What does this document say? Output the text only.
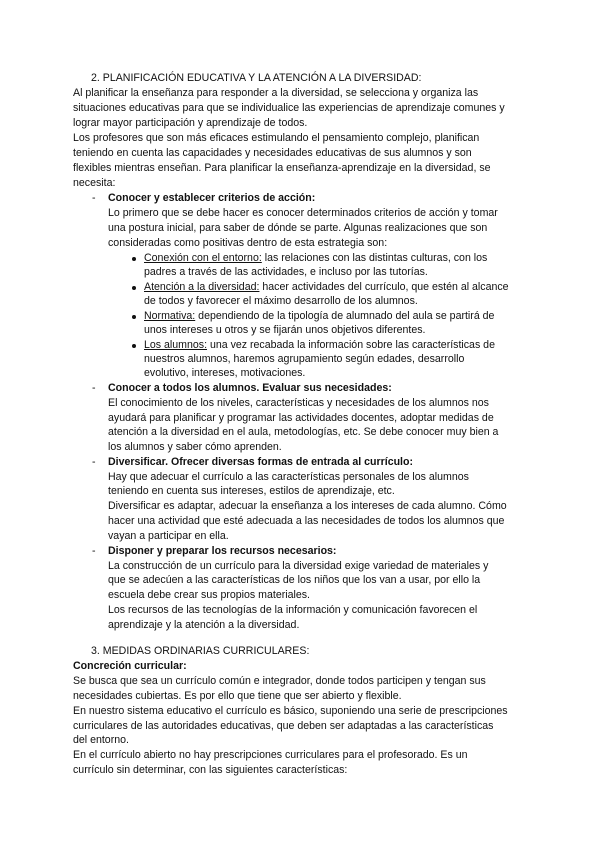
2. PLANIFICACIÓN EDUCATIVA Y LA ATENCIÓN A LA DIVERSIDAD:
Al planificar la enseñanza para responder a la diversidad, se selecciona y organiza las
situaciones educativas para que se individualice las experiencias de aprendizaje comunes y
lograr mayor participación y aprendizaje de todos.
Los profesores que son más eficaces estimulando el pensamiento complejo, planifican
teniendo en cuenta las capacidades y necesidades educativas de sus alumnos y son
flexibles mientras enseñan. Para planificar la enseñanza-aprendizaje en la diversidad, se
necesita:
- Conocer y establecer criterios de acción:
Lo primero que se debe hacer es conocer determinados criterios de acción y tomar
una postura inicial, para saber de dónde se parte. Algunas realizaciones que son
consideradas como positivas dentro de esta estrategia son:
Conexión con el entorno: las relaciones con las distintas culturas, con los
padres a través de las actividades, e incluso por las tutorías.
Atención a la diversidad: hacer actividades del currículo, que estén al alcance
de todos y favorecer el máximo desarrollo de los alumnos.
Normativa: dependiendo de la tipología de alumnado del aula se partirá de
unos intereses u otros y se fijarán unos objetivos diferentes.
Los alumnos: una vez recabada la información sobre las características de
nuestros alumnos, haremos agrupamiento según edades, desarrollo
evolutivo, intereses, motivaciones.
- Conocer a todos los alumnos. Evaluar sus necesidades:
El conocimiento de los niveles, características y necesidades de los alumnos nos
ayudará para planificar y programar las actividades docentes, adoptar medidas de
atención a la diversidad en el aula, metodologías, etc. Se debe conocer muy bien a
los alumnos y saber cómo aprenden.
- Diversificar. Ofrecer diversas formas de entrada al currículo:
Hay que adecuar el currículo a las características personales de los alumnos
teniendo en cuenta sus intereses, estilos de aprendizaje, etc.
Diversificar es adaptar, adecuar la enseñanza a los intereses de cada alumno. Cómo
hacer una actividad que esté adecuada a las necesidades de todos los alumnos que
vayan a participar en ella.
- Disponer y preparar los recursos necesarios:
La construcción de un currículo para la diversidad exige variedad de materiales y
que se adecúen a las características de los niños que los van a usar, por ello la
escuela debe crear sus propios materiales.
Los recursos de las tecnologías de la información y comunicación favorecen el
aprendizaje y la atención a la diversidad.
3. MEDIDAS ORDINARIAS CURRICULARES:
Concreción curricular:
Se busca que sea un currículo común e integrador, donde todos participen y tengan sus
necesidades cubiertas. Es por ello que tiene que ser abierto y flexible.
En nuestro sistema educativo el currículo es básico, suponiendo una serie de prescripciones
curriculares de las autoridades educativas, que deben ser adaptadas a las características
del entorno.
En el currículo abierto no hay prescripciones curriculares para el profesorado. Es un
currículo sin determinar, con las siguientes características:
